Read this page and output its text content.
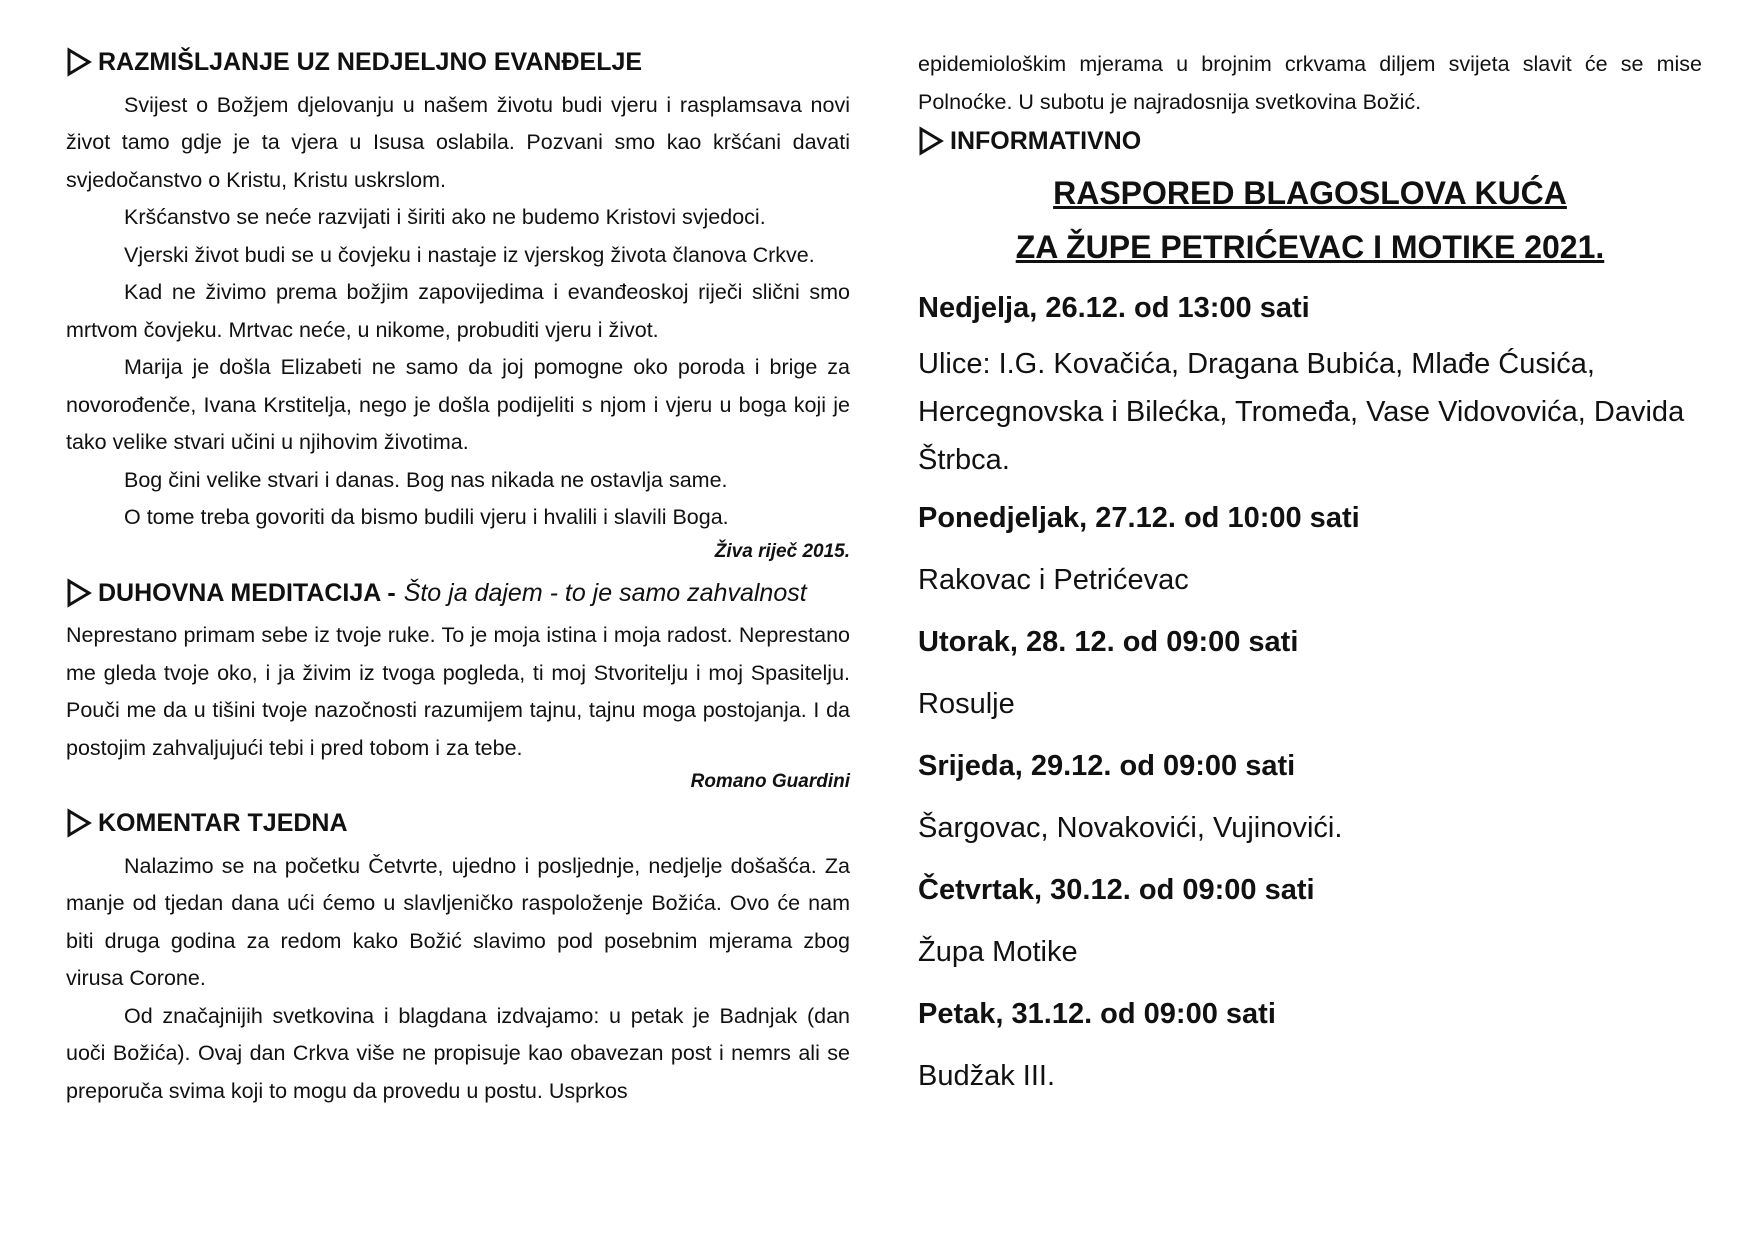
RAZMIŠLJANJE UZ NEDJELJNO EVANĐELJE

Svijest o Božjem djelovanju u našem životu budi vjeru i rasplamsava novi život tamo gdje je ta vjera u Isusa oslabila. Pozvani smo kao kršćani davati svjedočanstvo o Kristu, Kristu uskrslom.

Kršćanstvo se neće razvijati i širiti ako ne budemo Kristovi svjedoci.

Vjerski život budi se u čovjeku i nastaje iz vjerskog života članova Crkve.

Kad ne živimo prema božjim zapovijedima i evanđeoskoj riječi slični smo mrtvom čovjeku. Mrtvac neće, u nikome, probuditi vjeru i život.

Marija je došla Elizabeti ne samo da joj pomogne oko poroda i brige za novorođenče, Ivana Krstitelja, nego je došla podijeliti s njom i vjeru u boga koji je tako velike stvari učini u njihovim životima.

Bog čini velike stvari i danas. Bog nas nikada ne ostavlja same.

O tome treba govoriti da bismo budili vjeru i hvalili i slavili Boga.

Živa riječ 2015.
DUHOVNA MEDITACIJA - Što ja dajem - to je samo zahvalnost

Neprestano primam sebe iz tvoje ruke. To je moja istina i moja radost. Neprestano me gleda tvoje oko, i ja živim iz tvoga pogleda, ti moj Stvoritelju i moj Spasitelju. Pouči me da u tišini tvoje nazočnosti razumijem tajnu, tajnu moga postojanja. I da postojim zahvaljujući tebi i pred tobom i za tebe.

Romano Guardini
KOMENTAR TJEDNA

Nalazimo se na početku Četvrte, ujedno i posljednje, nedjelje došašća. Za manje od tjedan dana ući ćemo u slavljeničko raspoloženje Božića. Ovo će nam biti druga godina za redom kako Božić slavimo pod posebnim mjerama zbog virusa Corone.

Od značajnijih svetkovina i blagdana izdvajamo: u petak je Badnjak (dan uoči Božića). Ovaj dan Crkva više ne propisuje kao obavezan post i nemrs ali se preporuča svima koji to mogu da provedu u postu. Usprkos

epidemiološkim mjerama u brojnim crkvama diljem svijeta slavit će se mise Polnoćke. U subotu je najradosnija svetkovina Božić.

INFORMATIVNO
RASPORED BLAGOSLOVA KUĆA
ZA ŽUPE PETRIĆEVAC I MOTIKE 2021.
Nedjelja, 26.12. od 13:00 sati
Ulice: I.G. Kovačića, Dragana Bubića, Mlađe Ćusića, Hercegnovska i Bilećka, Tromeđa, Vase Vidovovića, Davida Štrbca.
Ponedjeljak, 27.12. od 10:00 sati
Rakovac i Petrićevac
Utorak, 28. 12. od 09:00 sati
Rosulje
Srijeda, 29.12. od 09:00 sati
Šargovac, Novakovići, Vujinovići.
Četvrtak, 30.12. od 09:00 sati
Župa Motike
Petak, 31.12. od 09:00 sati
Budžak III.
